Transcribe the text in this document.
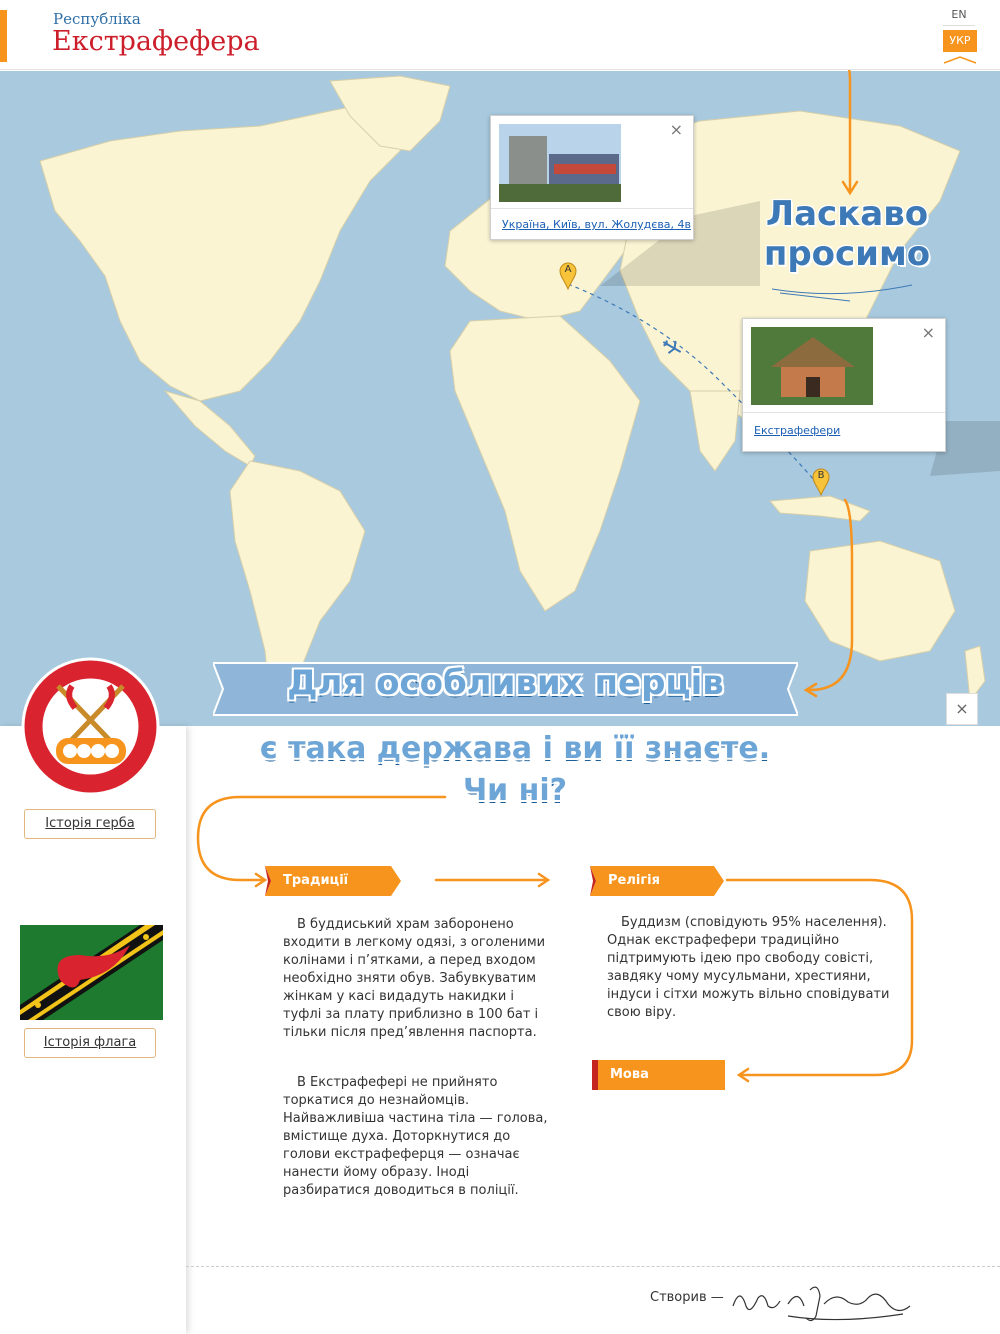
Республіка
Екстрафефера
EN
УКР
×
Україна, Київ, вул. Жолудєва, 4в
×
Екстрафефери
A
B
Ласкаво
просимо
Для особливих перців
×
є така держава і ви її знаєте.
Чи ні?
Історія герба
Історія флага
Традиції	Релігія
Мова

В буддиський храм заборонено входити в легкому одязі, з оголеними колінами і п’ятками, а перед входом необхідно зняти обув. Забувкуватим жінкам у касі видадуть накидки і туфлі за плату приблизно в 100 бат і тільки після пред’явлення паспорта.

В Екстрафефері не прийнято торкатися до незнайомців. Найважливіша частина тіла — голова, вмістище духа. Доторкнутися до голови екстрафеферця — означає нанести йому образу. Іноді разбиратися доводиться в поліції.

Буддизм (сповідують 95% населення). Однак екстрафефери традиційно підтримують ідею про свободу совісті, завдяку чому мусульмани, хрестияни, індуси і сітхи можуть вільно сповідувати свою віру.

Створив —
